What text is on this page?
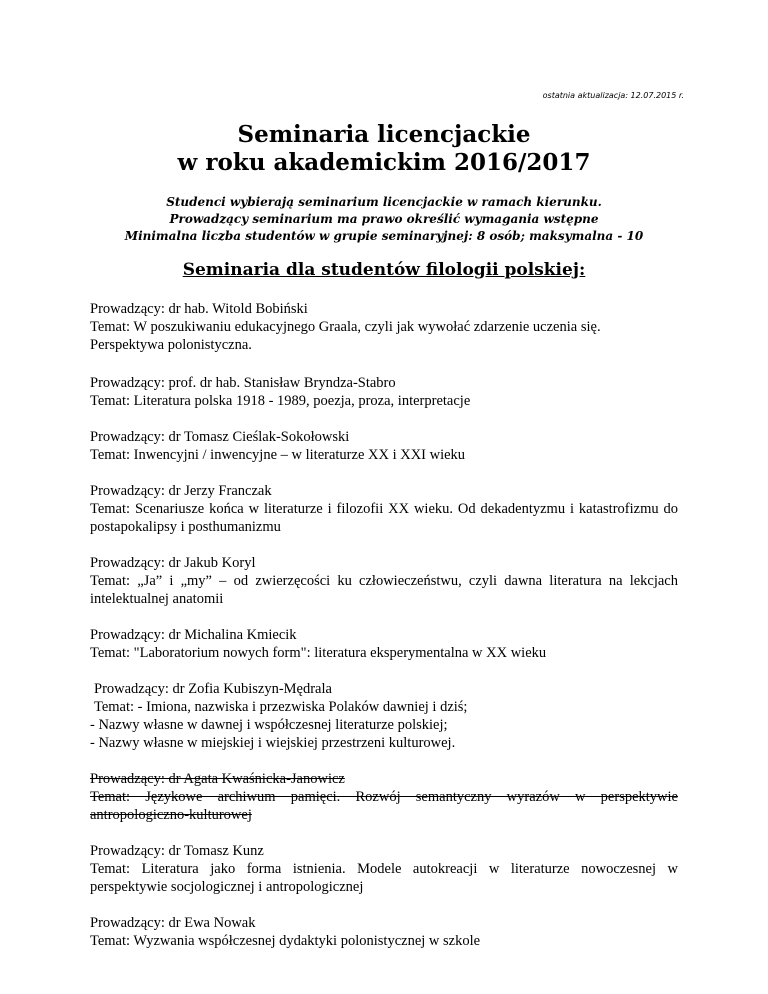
ostatnia aktualizacja: 12.07.2015 r.
Seminaria licencjackie
w roku akademickim 2016/2017
Studenci wybierają seminarium licencjackie w ramach kierunku.
Prowadzący seminarium ma prawo określić wymagania wstępne
Minimalna liczba studentów w grupie seminaryjnej: 8 osób; maksymalna - 10
Seminaria dla studentów filologii polskiej:
Prowadzący: dr hab. Witold Bobiński
Temat: W poszukiwaniu edukacyjnego Graala, czyli jak wywołać zdarzenie uczenia się. Perspektywa polonistyczna.
Prowadzący: prof. dr hab. Stanisław Bryndza-Stabro
Temat: Literatura polska 1918 - 1989, poezja, proza, interpretacje
Prowadzący: dr Tomasz Cieślak-Sokołowski
Temat: Inwencyjni / inwencyjne – w literaturze XX i XXI wieku
Prowadzący: dr Jerzy Franczak
Temat: Scenariusze końca w literaturze i filozofii XX wieku. Od dekadentyzmu i katastrofizmu do postapokalipsy i posthumanizmu
Prowadzący: dr Jakub Koryl
Temat: „Ja” i „my” – od zwierzęcości ku człowieczeństwu, czyli dawna literatura na lekcjach intelektualnej anatomii
Prowadzący: dr Michalina Kmiecik
Temat: "Laboratorium nowych form": literatura eksperymentalna w XX wieku
Prowadzący: dr Zofia Kubiszyn-Mędrala
Temat: - Imiona, nazwiska i przezwiska Polaków dawniej i dziś;
- Nazwy własne w dawnej i współczesnej literaturze polskiej;
- Nazwy własne w miejskiej i wiejskiej przestrzeni kulturowej.
Prowadzący: dr Agata Kwaśnicka-Janowicz
Temat: Językowe archiwum pamięci. Rozwój semantyczny wyrazów w perspektywie antropologiczno-kulturowej
Prowadzący: dr Tomasz Kunz
Temat: Literatura jako forma istnienia. Modele autokreacji w literaturze nowoczesnej w perspektywie socjologicznej i antropologicznej
Prowadzący: dr Ewa Nowak
Temat: Wyzwania współczesnej dydaktyki polonistycznej w szkole
